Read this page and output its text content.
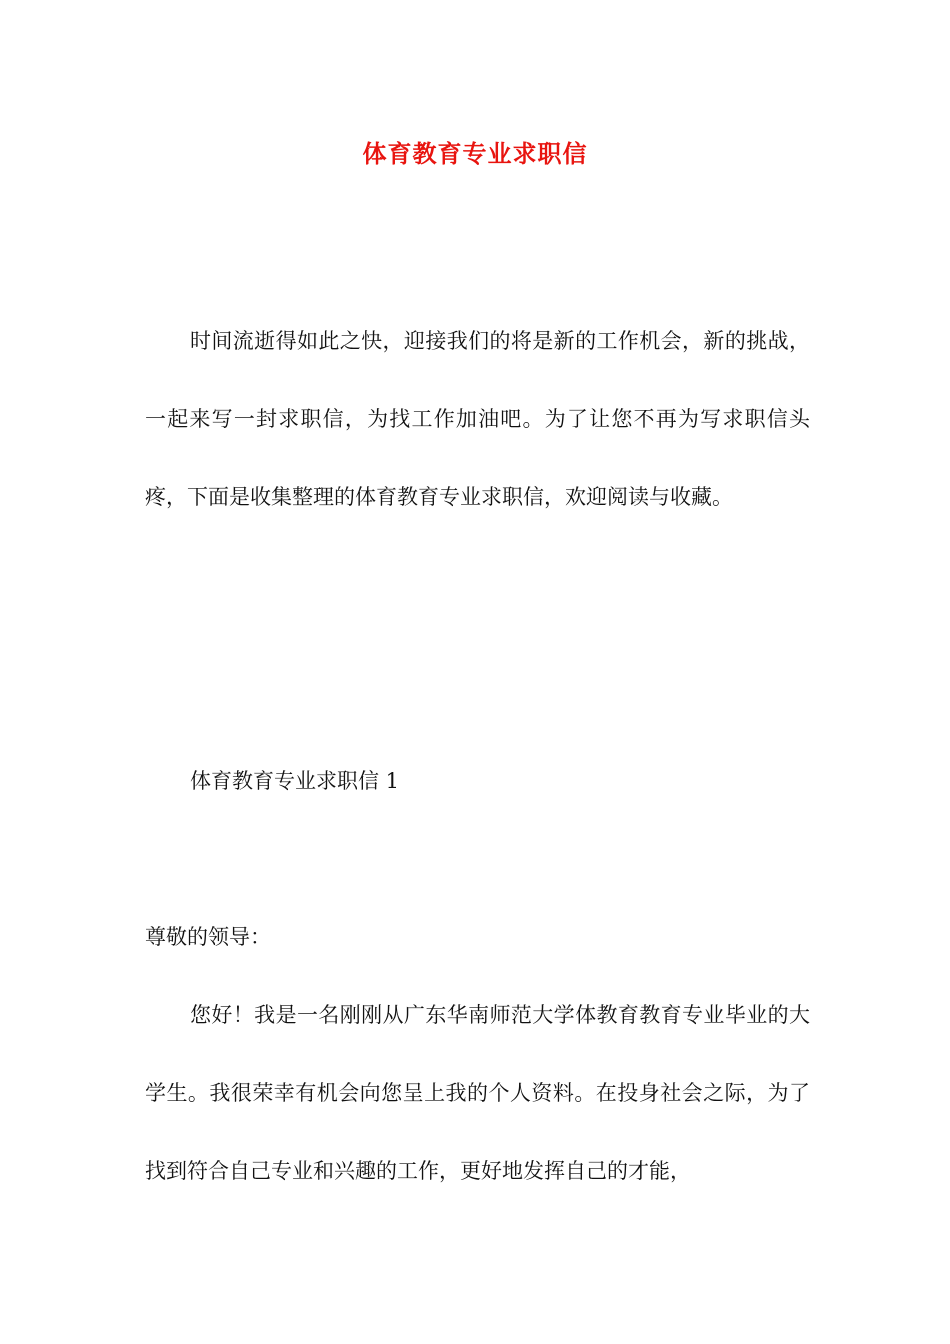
体育教育专业求职信

时间流逝得如此之快，迎接我们的将是新的工作机会，新的挑战，一起来写一封求职信，为找工作加油吧。为了让您不再为写求职信头疼，下面是收集整理的体育教育专业求职信，欢迎阅读与收藏。

体育教育专业求职信 1

尊敬的领导：

您好！我是一名刚刚从广东华南师范大学体教育教育专业毕业的大学生。我很荣幸有机会向您呈上我的个人资料。在投身社会之际，为了找到符合自己专业和兴趣的工作，更好地发挥自己的才能，
